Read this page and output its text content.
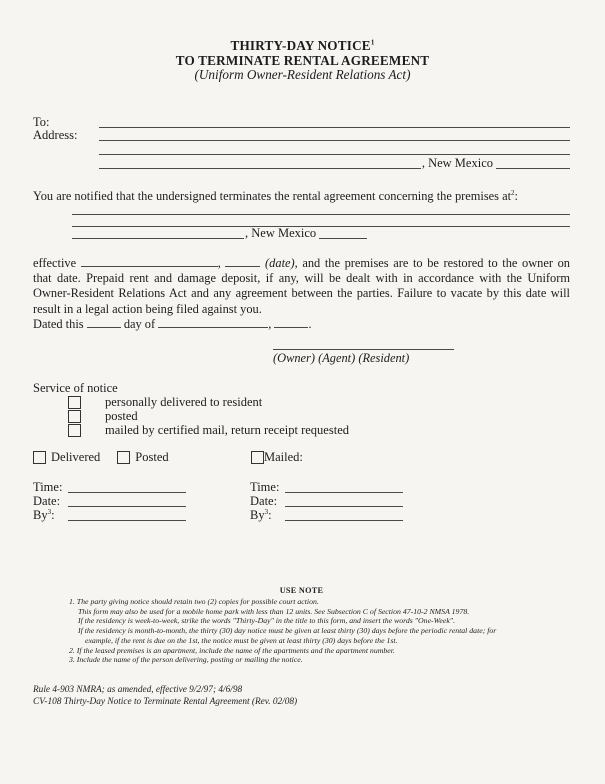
THIRTY-DAY NOTICE$^1$
TO TERMINATE RENTAL AGREEMENT
(Uniform Owner-Resident Relations Act)
To:
Address:
, New Mexico
You are notified that the undersigned terminates the rental agreement concerning the premises $at^2$:
, New Mexico
effective	,	(date), and the premises are to be restored to the owner on that date. Prepaid rent and damage deposit, if any, will be dealt with in accordance with the Uniform Owner-Resident Relations Act and any agreement between the parties. Failure to vacate by this date will result in a legal action being filed against you.
Dated this	day of	,	.
(Owner) (Agent) (Resident)
Service of notice
personally delivered to resident
posted
mailed by certified mail, return receipt requested
Delivered	Posted	Mailed:
Time:
Date:
By$^3$:
Time:
Date:
By$^3$:
USE NOTE
1. The party giving notice should retain two (2) copies for possible court action.
This form may also be used for a mobile home park with less than 12 units. See Subsection C of Section 47-10-2 NMSA 1978.
If the residency is week-to-week, strike the words "Thirty-Day" in the title to this form, and insert the words "One-Week".
If the residency is month-to-month, the thirty (30) day notice must be given at least thirty (30) days before the periodic rental date; for
example, if the rent is due on the 1st, the notice must be given at least thirty (30) days before the 1st.
2. If the leased premises is an apartment, include the name of the apartments and the apartment number.
3. Include the name of the person delivering, posting or mailing the notice.
Rule 4-903 NMRA; as amended, effective 9/2/97; 4/6/98
CV-108 Thirty-Day Notice to Terminate Rental Agreement (Rev. 02/08)
